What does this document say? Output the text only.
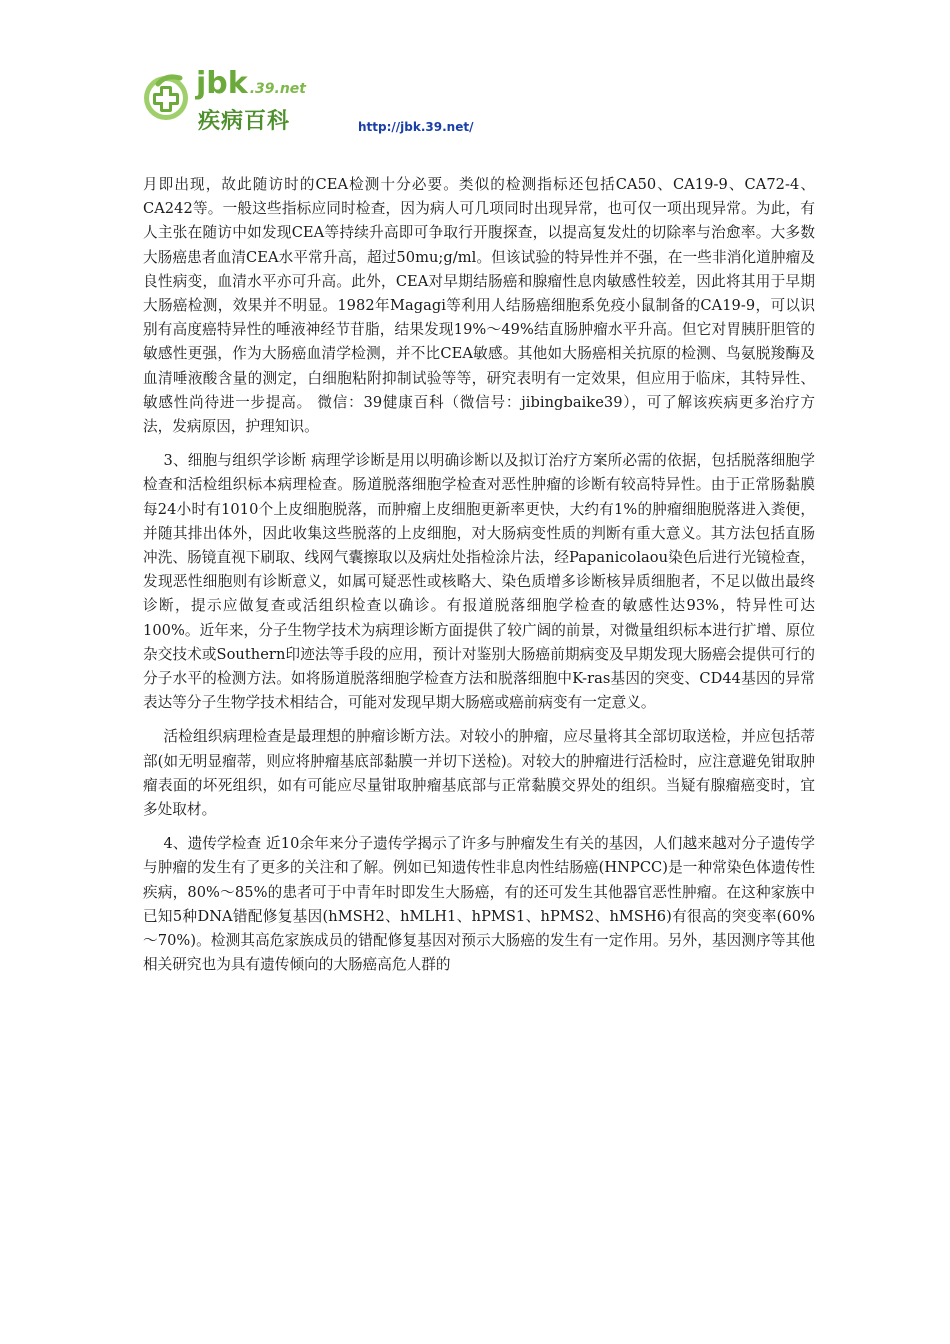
jbk .39.net
疾病百科	http://jbk.39.net/

月即出现，故此随访时的CEA检测十分必要。类似的检测指标还包括CA50、CA19-9、CA72-4、CA242等。一般这些指标应同时检查，因为病人可几项同时出现异常，也可仅一项出现异常。为此，有人主张在随访中如发现CEA等持续升高即可争取行开腹探查，以提高复发灶的切除率与治愈率。大多数大肠癌患者血清CEA水平常升高，超过50mu;g/ml。但该试验的特异性并不强，在一些非消化道肿瘤及良性病变，血清水平亦可升高。此外，CEA对早期结肠癌和腺瘤性息肉敏感性较差，因此将其用于早期大肠癌检测，效果并不明显。1982年Magagi等利用人结肠癌细胞系免疫小鼠制备的CA19-9，可以识别有高度癌特异性的唾液神经节苷脂，结果发现19%～49%结直肠肿瘤水平升高。但它对胃胰肝胆管的敏感性更强，作为大肠癌血清学检测，并不比CEA敏感。其他如大肠癌相关抗原的检测、鸟氨脱羧酶及血清唾液酸含量的测定，白细胞粘附抑制试验等等，研究表明有一定效果，但应用于临床，其特异性、敏感性尚待进一步提高。 微信：39健康百科（微信号：jibingbaike39），可了解该疾病更多治疗方法，发病原因，护理知识。

3、细胞与组织学诊断 病理学诊断是用以明确诊断以及拟订治疗方案所必需的依据，包括脱落细胞学检查和活检组织标本病理检查。肠道脱落细胞学检查对恶性肿瘤的诊断有较高特异性。由于正常肠黏膜每24小时有1010个上皮细胞脱落，而肿瘤上皮细胞更新率更快，大约有1%的肿瘤细胞脱落进入粪便，并随其排出体外，因此收集这些脱落的上皮细胞，对大肠病变性质的判断有重大意义。其方法包括直肠冲洗、肠镜直视下刷取、线网气囊擦取以及病灶处指检涂片法，经Papanicolaou染色后进行光镜检查，发现恶性细胞则有诊断意义，如属可疑恶性或核略大、染色质增多诊断核异质细胞者，不足以做出最终诊断，提示应做复查或活组织检查以确诊。有报道脱落细胞学检查的敏感性达93%，特异性可达100%。近年来，分子生物学技术为病理诊断方面提供了较广阔的前景，对微量组织标本进行扩增、原位杂交技术或Southern印迹法等手段的应用，预计对鉴别大肠癌前期病变及早期发现大肠癌会提供可行的分子水平的检测方法。如将肠道脱落细胞学检查方法和脱落细胞中K-ras基因的突变、CD44基因的异常表达等分子生物学技术相结合，可能对发现早期大肠癌或癌前病变有一定意义。

活检组织病理检查是最理想的肿瘤诊断方法。对较小的肿瘤，应尽量将其全部切取送检，并应包括蒂部(如无明显瘤蒂，则应将肿瘤基底部黏膜一并切下送检)。对较大的肿瘤进行活检时，应注意避免钳取肿瘤表面的坏死组织，如有可能应尽量钳取肿瘤基底部与正常黏膜交界处的组织。当疑有腺瘤癌变时，宜多处取材。

4、遗传学检查 近10余年来分子遗传学揭示了许多与肿瘤发生有关的基因，人们越来越对分子遗传学与肿瘤的发生有了更多的关注和了解。例如已知遗传性非息肉性结肠癌(HNPCC)是一种常染色体遗传性疾病，80%～85%的患者可于中青年时即发生大肠癌，有的还可发生其他器官恶性肿瘤。在这种家族中已知5种DNA错配修复基因(hMSH2、hMLH1、hPMS1、hPMS2、hMSH6)有很高的突变率(60%～70%)。检测其高危家族成员的错配修复基因对预示大肠癌的发生有一定作用。另外，基因测序等其他相关研究也为具有遗传倾向的大肠癌高危人群的
